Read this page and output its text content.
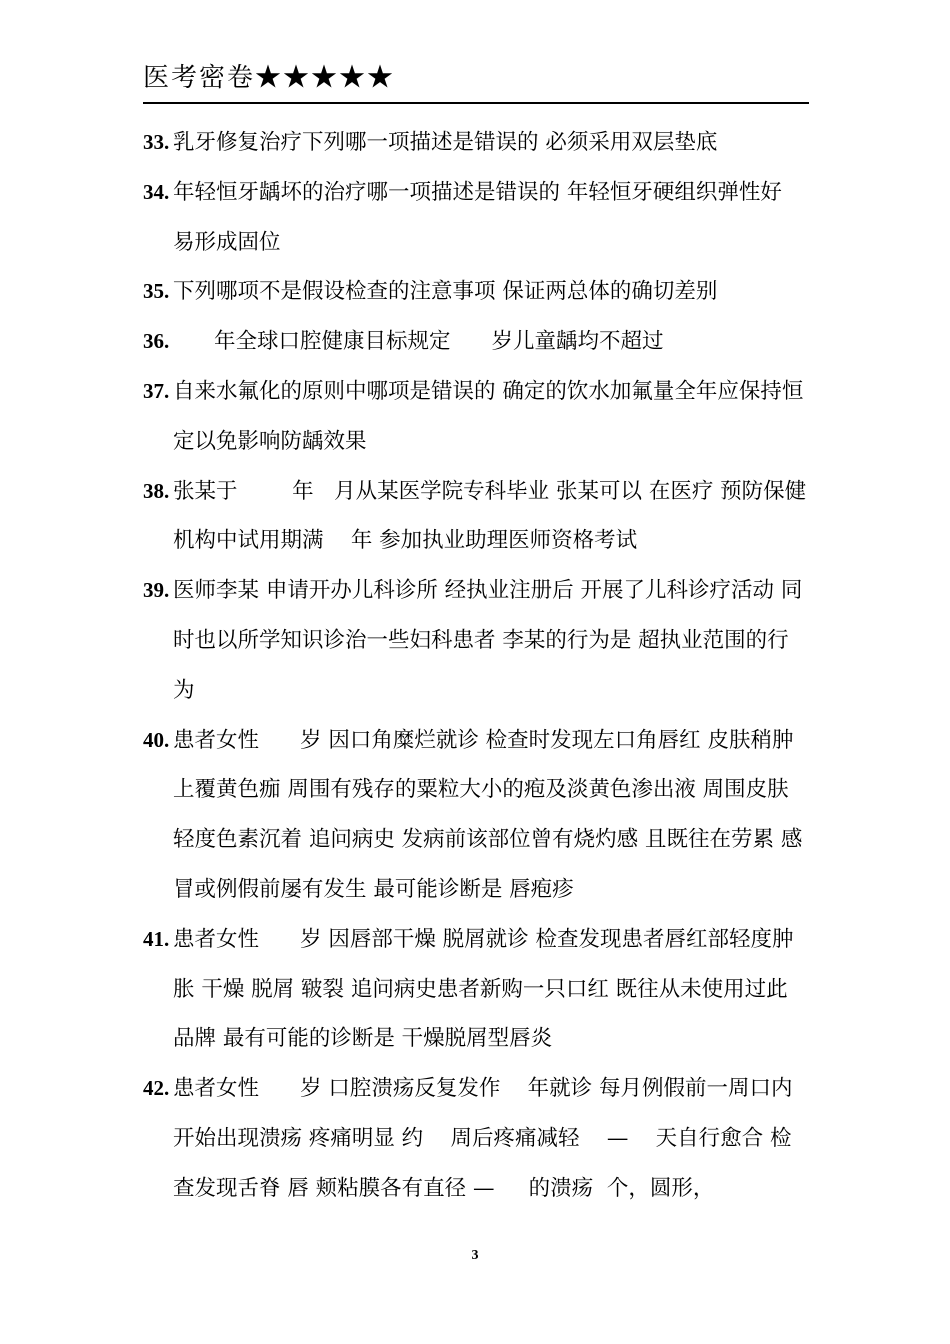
医考密卷★★★★★
33. 乳牙修复治疗下列哪一项描述是错误的 必须采用双层垫底
34. 年轻恒牙龋坏的治疗哪一项描述是错误的 年轻恒牙硬组织弹性好 易形成固位
35. 下列哪项不是假设检查的注意事项 保证两总体的确切差别
36. 年全球口腔健康目标规定      岁儿童龋均不超过
37. 自来水氟化的原则中哪项是错误的 确定的饮水加氟量全年应保持恒定以免影响防龋效果
38. 张某于        年   月从某医学院专科毕业 张某可以 在医疗 预防保健机构中试用期满    年 参加执业助理医师资格考试
39. 医师李某 申请开办儿科诊所 经执业注册后 开展了儿科诊疗活动 同时也以所学知识诊治一些妇科患者 李某的行为是 超执业范围的行为
40. 患者女性      岁 因口角糜烂就诊 检查时发现左口角唇红 皮肤稍肿 上覆黄色痂 周围有残存的粟粒大小的疱及淡黄色渗出液 周围皮肤轻度色素沉着 追问病史 发病前该部位曾有烧灼感 且既往在劳累 感冒或例假前屡有发生 最可能诊断是 唇疱疹
41. 患者女性      岁 因唇部干燥 脱屑就诊 检查发现患者唇红部轻度肿胀 干燥 脱屑 皲裂 追问病史患者新购一只口红 既往从未使用过此品牌 最有可能的诊断是 干燥脱屑型唇炎
42. 患者女性      岁 口腔溃疡反复发作    年就诊 每月例假前一周口内开始出现溃疡 疼痛明显 约    周后疼痛减轻    —    天自行愈合 检查发现舌脊 唇 颊粘膜各有直径 —     的溃疡  个，圆形，
3
